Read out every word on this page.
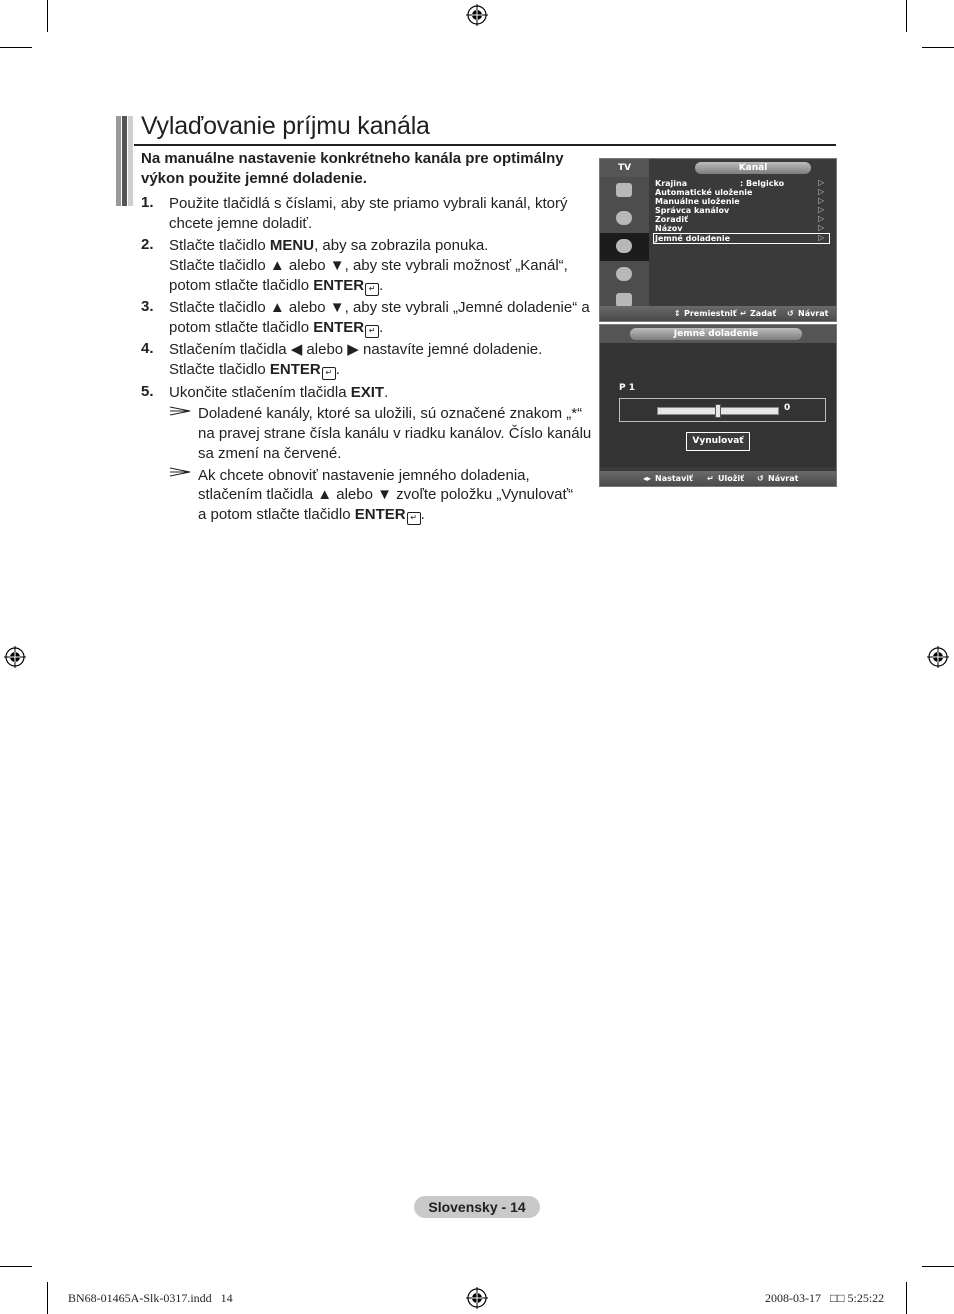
Vylaďovanie príjmu kanála
Na manuálne nastavenie konkrétneho kanála pre optimálny
výkon použite jemné doladenie.
1. Použite tlačidlá s číslami, aby ste priamo vybrali kanál, ktorý
chcete jemne doladiť.
2. Stlačte tlačidlo MENU, aby sa zobrazila ponuka.
Stlačte tlačidlo ▲ alebo ▼, aby ste vybrali možnosť „Kanál“,
potom stlačte tlačidlo ENTER ↵ .
3. Stlačte tlačidlo ▲ alebo ▼, aby ste vybrali „Jemné doladenie“ a
potom stlačte tlačidlo ENTER ↵ .
4. Stlačením tlačidla ◀ alebo ▶ nastavíte jemné doladenie.
Stlačte tlačidlo ENTER ↵ .
5. Ukončite stlačením tlačidla EXIT.
Doladené kanály, ktoré sa uložili, sú označené znakom „*“
na pravej strane čísla kanálu v riadku kanálov. Číslo kanálu
sa zmení na červené.
Ak chcete obnoviť nastavenie jemného doladenia,
stlačením tlačidla ▲ alebo ▼ zvoľte položku „Vynulovať“
a potom stlačte tlačidlo ENTER ↵ .
TV	Kanál
Krajina	: Belgicko	▷
Automatické uloženie	▷
Manuálne uloženie	▷
Správca kanálov	▷
Zoradiť	▷
Názov	▷
Jemné doladenie	▷
⇕ Premiestniť ↵ Zadať ↺ Návrat
Jemné doladenie
P 1
0
Vynulovať
◂▸ Nastaviť ↵ Uložiť ↺ Návrat
Slovensky - 14
BN68-01465A-Slk-0317.indd   14	2008-03-17   □□ 5:25:22
